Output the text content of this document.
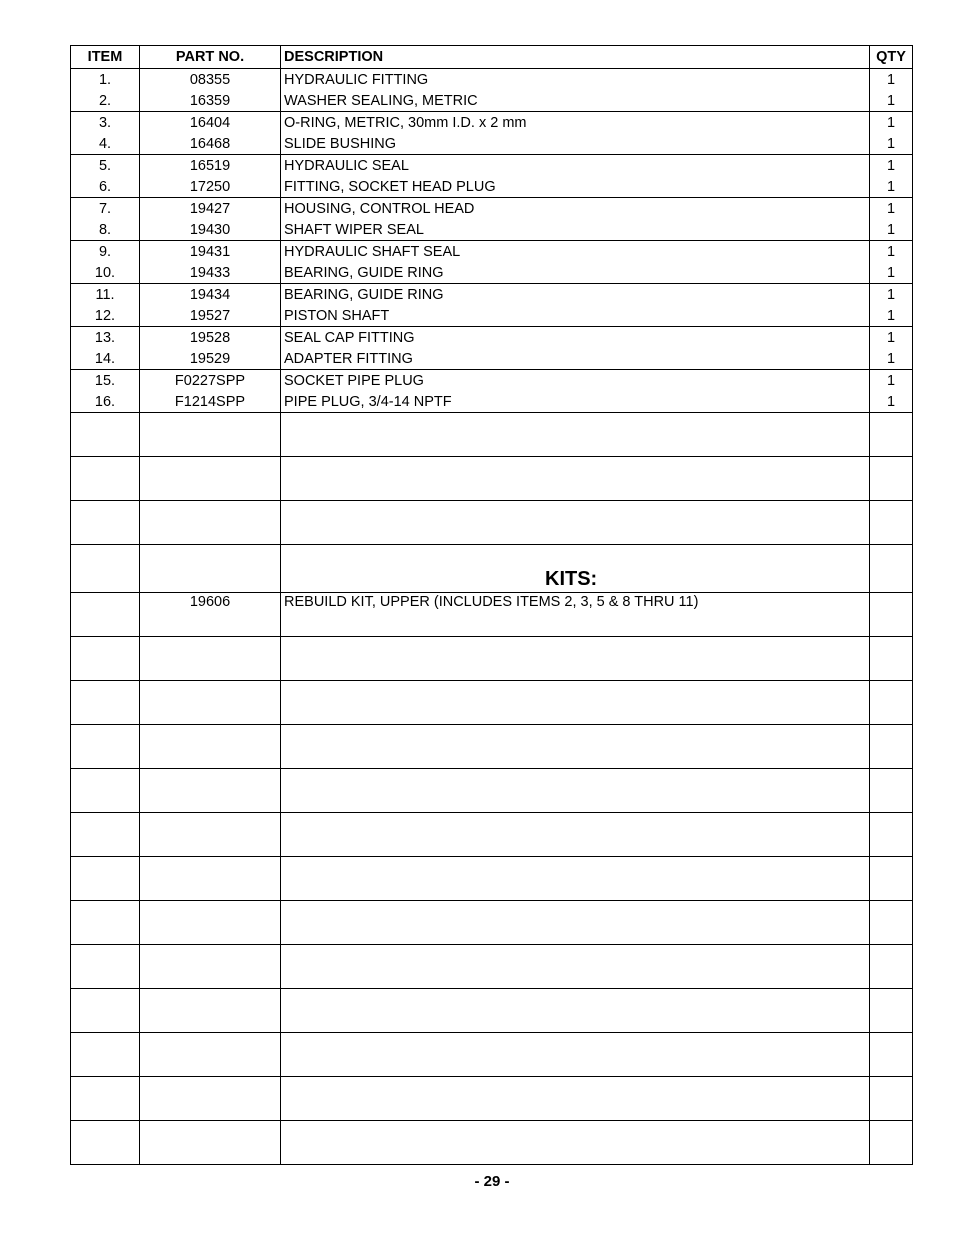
ITEM	PART NO.	DESCRIPTION	QTY
1.	08355	HYDRAULIC FITTING	1
2.	16359	WASHER SEALING, METRIC	1
3.	16404	O-RING, METRIC, 30mm I.D. x 2 mm	1
4.	16468	SLIDE BUSHING	1
5.	16519	HYDRAULIC SEAL	1
6.	17250	FITTING, SOCKET HEAD PLUG	1
7.	19427	HOUSING, CONTROL HEAD	1
8.	19430	SHAFT WIPER SEAL	1
9.	19431	HYDRAULIC SHAFT SEAL	1
10.	19433	BEARING, GUIDE RING	1
11.	19434	BEARING, GUIDE RING	1
12.	19527	PISTON SHAFT	1
13.	19528	SEAL CAP FITTING	1
14.	19529	ADAPTER FITTING	1
15.	F0227SPP	SOCKET PIPE PLUG	1
16.	F1214SPP	PIPE PLUG, 3/4-14 NPTF	1

		KITS:	
	19606	REBUILD KIT, UPPER (INCLUDES ITEMS 2, 3, 5 & 8 THRU 11)	

- 29 -
